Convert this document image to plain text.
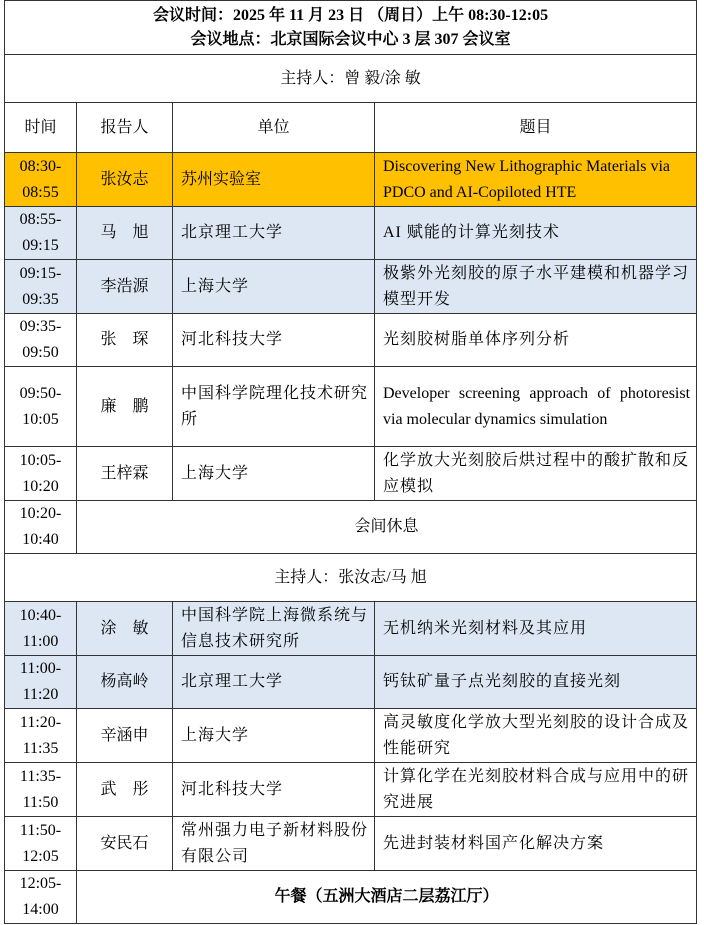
会议时间：2025 年 11 月 23 日 （周日）上午 08:30-12:05
会议地点：北京国际会议中心 3 层 307 会议室			

主持人：曾 毅/涂 敏			
时间	报告人	单位	题目

08:30-
08:55	张汝志	苏州实验室	Discovering New Lithographic Materials via PDCO and AI-Copiloted HTE

08:55-
09:15	马　旭	北京理工大学	AI 赋能的计算光刻技术

09:15-
09:35	李浩源	上海大学	极紫外光刻胶的原子水平建模和机器学习模型开发

09:35-
09:50	张　琛	河北科技大学	光刻胶树脂单体序列分析

09:50-
10:05	廉　鹏	中国科学院理化技术研究所	Developer screening approach of photoresist via molecular dynamics simulation

10:05-
10:20	王梓霖	上海大学	化学放大光刻胶后烘过程中的酸扩散和反应模拟

10:20-
10:40	会间休息		
主持人：张汝志/马 旭			

10:40-
11:00	涂　敏	中国科学院上海微系统与信息技术研究所	无机纳米光刻材料及其应用

11:00-
11:20	杨高岭	北京理工大学	钙钛矿量子点光刻胶的直接光刻

11:20-
11:35	辛涵申	上海大学	高灵敏度化学放大型光刻胶的设计合成及性能研究

11:35-
11:50	武　彤	河北科技大学	计算化学在光刻胶材料合成与应用中的研究进展

11:50-
12:05	安民石	常州强力电子新材料股份有限公司	先进封装材料国产化解决方案

12:05-
14:00	午餐（五洲大酒店二层荔江厅）		
